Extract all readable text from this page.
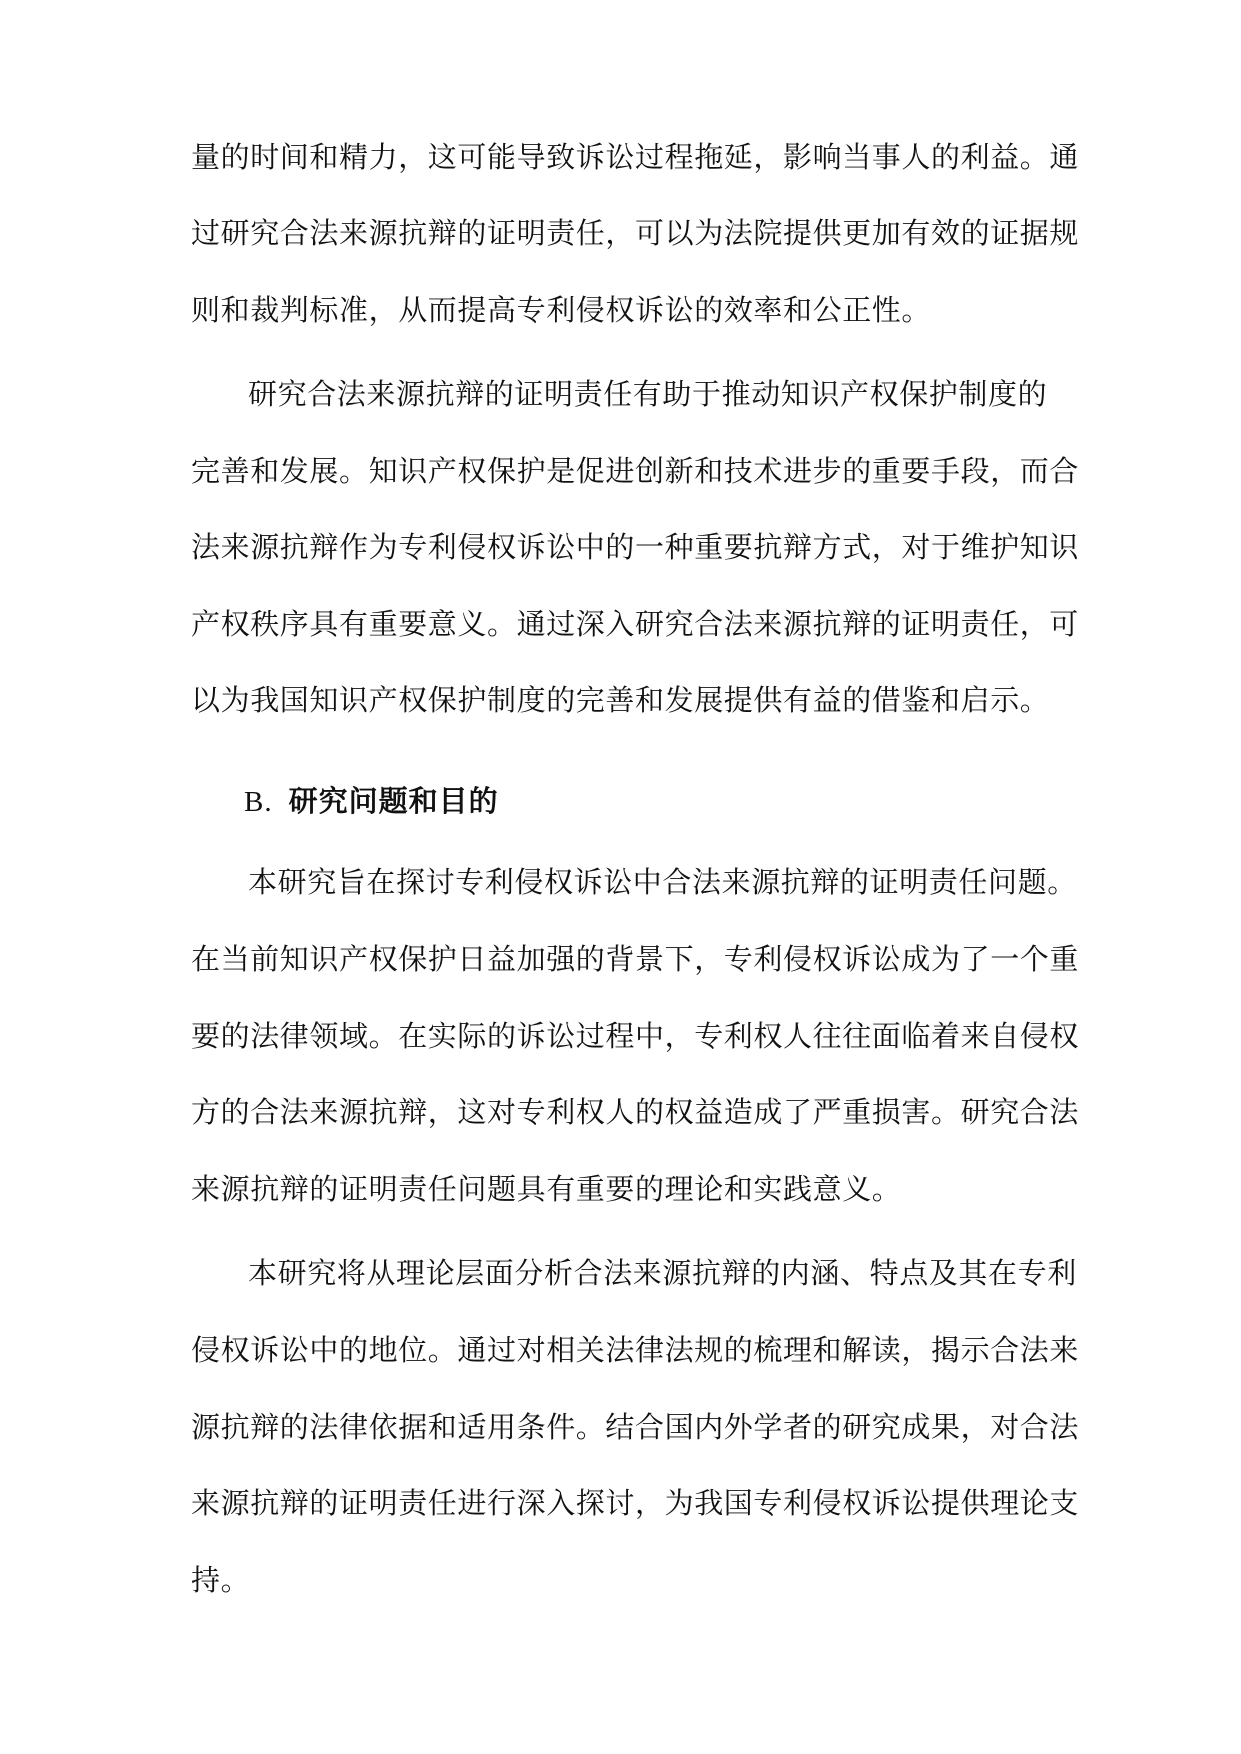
量的时间和精力，这可能导致诉讼过程拖延，影响当事人的利益。通
过研究合法来源抗辩的证明责任，可以为法院提供更加有效的证据规
则和裁判标准，从而提高专利侵权诉讼的效率和公正性。
研究合法来源抗辩的证明责任有助于推动知识产权保护制度的
完善和发展。知识产权保护是促进创新和技术进步的重要手段，而合
法来源抗辩作为专利侵权诉讼中的一种重要抗辩方式，对于维护知识
产权秩序具有重要意义。通过深入研究合法来源抗辩的证明责任，可
以为我国知识产权保护制度的完善和发展提供有益的借鉴和启示。
B. 研究问题和目的
本研究旨在探讨专利侵权诉讼中合法来源抗辩的证明责任问题。
在当前知识产权保护日益加强的背景下，专利侵权诉讼成为了一个重
要的法律领域。在实际的诉讼过程中，专利权人往往面临着来自侵权
方的合法来源抗辩，这对专利权人的权益造成了严重损害。研究合法
来源抗辩的证明责任问题具有重要的理论和实践意义。
本研究将从理论层面分析合法来源抗辩的内涵、特点及其在专利
侵权诉讼中的地位。通过对相关法律法规的梳理和解读，揭示合法来
源抗辩的法律依据和适用条件。结合国内外学者的研究成果，对合法
来源抗辩的证明责任进行深入探讨，为我国专利侵权诉讼提供理论支
持。
